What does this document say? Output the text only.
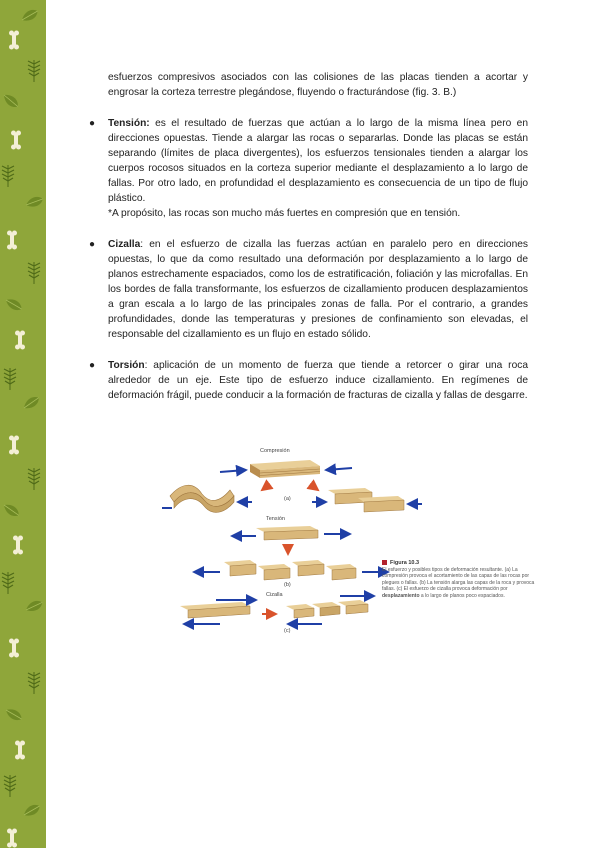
esfuerzos compresivos asociados con las colisiones de las placas tienden a acortar y engrosar la corteza terrestre plegándose, fluyendo o fracturándose (fig. 3. B.)

● Tensión: es el resultado de fuerzas que actúan a lo largo de la misma línea pero en direcciones opuestas. Tiende a alargar las rocas o separarlas. Donde las placas se están separando (límites de placa divergentes), los esfuerzos tensionales tienden a alargar los cuerpos rocosos situados en la corteza superior mediante el desplazamiento a lo largo de fallas. Por otro lado, en profundidad el desplazamiento es consecuencia de un tipo de flujo plástico.

*A propósito, las rocas son mucho más fuertes en compresión que en tensión.

● Cizalla: en el esfuerzo de cizalla las fuerzas actúan en paralelo pero en direcciones opuestas, lo que da como resultado una deformación por desplazamiento a lo largo de planos estrechamente espaciados, como los de estratificación, foliación y las microfallas. En los bordes de falla transformante, los esfuerzos de cizallamiento producen desplazamientos a gran escala a lo largo de las principales zonas de falla. Por el contrario, a grandes profundidades, donde las temperaturas y presiones de confinamiento son elevadas, el responsable del cizallamiento es un flujo en estado sólido.

● Torsión: aplicación de un momento de fuerza que tiende a retorcer o girar una roca alrededor de un eje. Este tipo de esfuerzo induce cizallamiento. En regímenes de deformación frágil, puede conducir a la formación de fracturas de cizalla y fallas de desgarre.

Compresión
(a)
Tensión
(b)
Cizalla
(c)
Figura 10.3
El esfuerzo y posibles tipos de deformación resultante. (a) La compresión provoca el acortamiento de las capas de las rocas por plegues o fallas. (b) La tensión alarga las capas de la roca y provoca fallas. (c) El esfuerzo de cizalla provoca deformación por desplazamiento a lo largo de planos poco espaciados.
